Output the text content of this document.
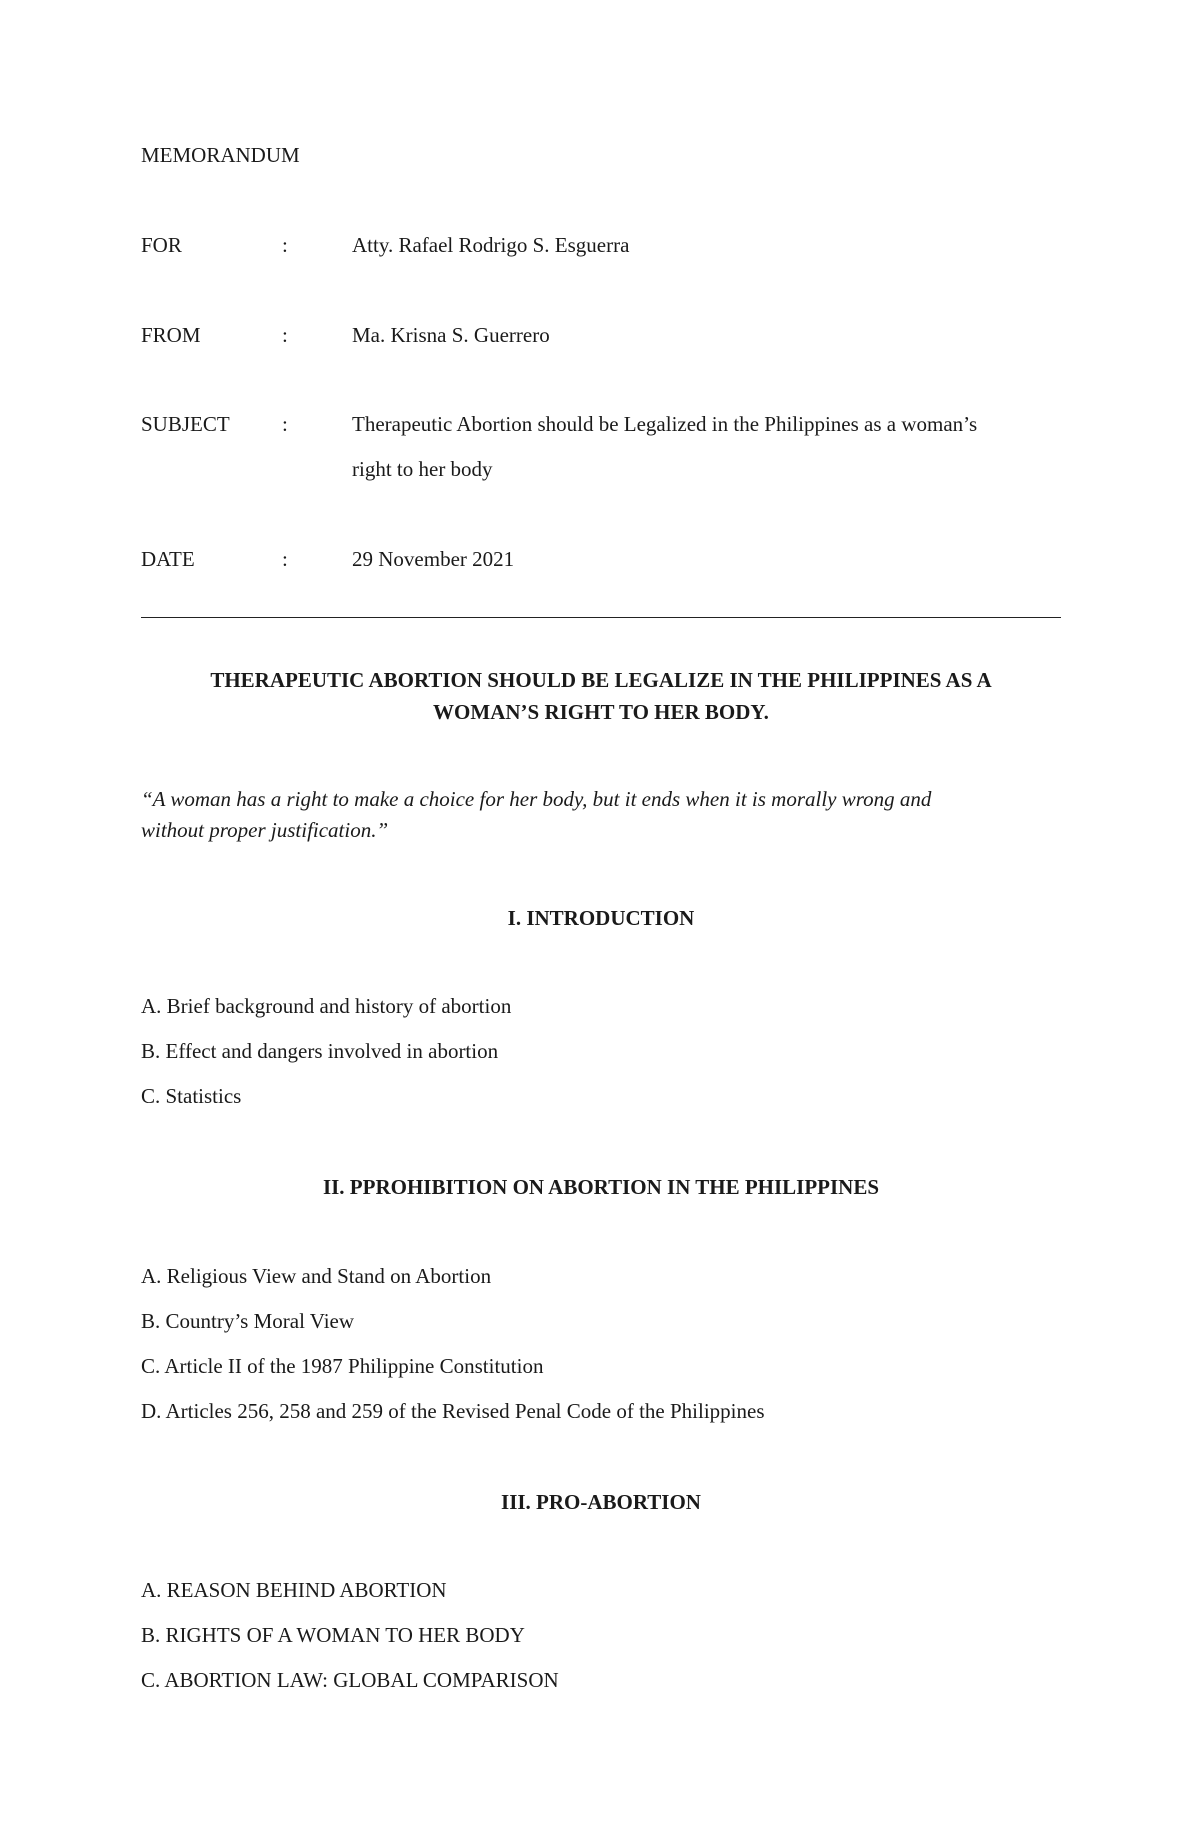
MEMORANDUM
FOR	:	Atty. Rafael Rodrigo S. Esguerra
FROM	:	Ma. Krisna S. Guerrero
SUBJECT :	Therapeutic Abortion should be Legalized in the Philippines as a woman’s
right to her body
DATE	:	29 November 2021
THERAPEUTIC ABORTION SHOULD BE LEGALIZE IN THE PHILIPPINES AS A
WOMAN’S RIGHT TO HER BODY.
“A woman has a right to make a choice for her body, but it ends when it is morally wrong and
without proper justification.”
I. INTRODUCTION
A. Brief background and history of abortion
B. Effect and dangers involved in abortion
C. Statistics
II. PPROHIBITION ON ABORTION IN THE PHILIPPINES
A. Religious View and Stand on Abortion
B. Country’s Moral View
C. Article II of the 1987 Philippine Constitution
D. Articles 256, 258 and 259 of the Revised Penal Code of the Philippines
III. PRO-ABORTION
A. REASON BEHIND ABORTION
B. RIGHTS OF A WOMAN TO HER BODY
C. ABORTION LAW: GLOBAL COMPARISON
